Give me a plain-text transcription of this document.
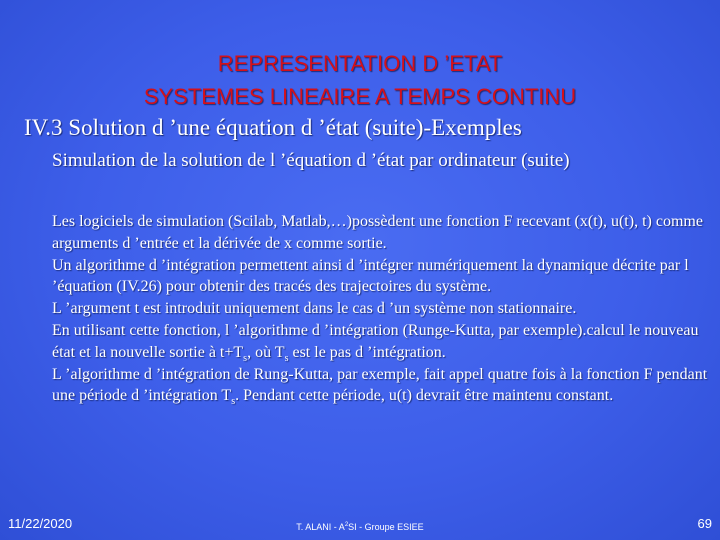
REPRESENTATION D ’ETAT
SYSTEMES LINEAIRE A TEMPS CONTINU
IV.3 Solution d ’une équation d ’état (suite)-Exemples
Simulation de la solution de l ’équation d ’état par ordinateur (suite)

Les logiciels de simulation (Scilab, Matlab,…)possèdent une fonction F recevant (x(t), u(t), t) comme arguments d ’entrée et la dérivée de x comme sortie.

Un algorithme d ’intégration permettent ainsi d ’intégrer numériquement la dynamique décrite par l ’équation (IV.26) pour obtenir des tracés des trajectoires du système.

L ’argument t est introduit uniquement dans le cas d ’un système non stationnaire.

En utilisant cette fonction, l ’algorithme d ’intégration (Runge-Kutta, par exemple).calcul le nouveau état et la nouvelle sortie à $t+T_s$, où $T_s$ est le pas d ’intégration.

L ’algorithme d ’intégration de Rung-Kutta, par exemple, fait appel quatre fois à la fonction F pendant une période d ’intégration $T_s$. Pendant cette période, u(t) devrait être maintenu constant.

11/22/2020	T. ALANI - $A^2SI$ - Groupe ESIEE	69
